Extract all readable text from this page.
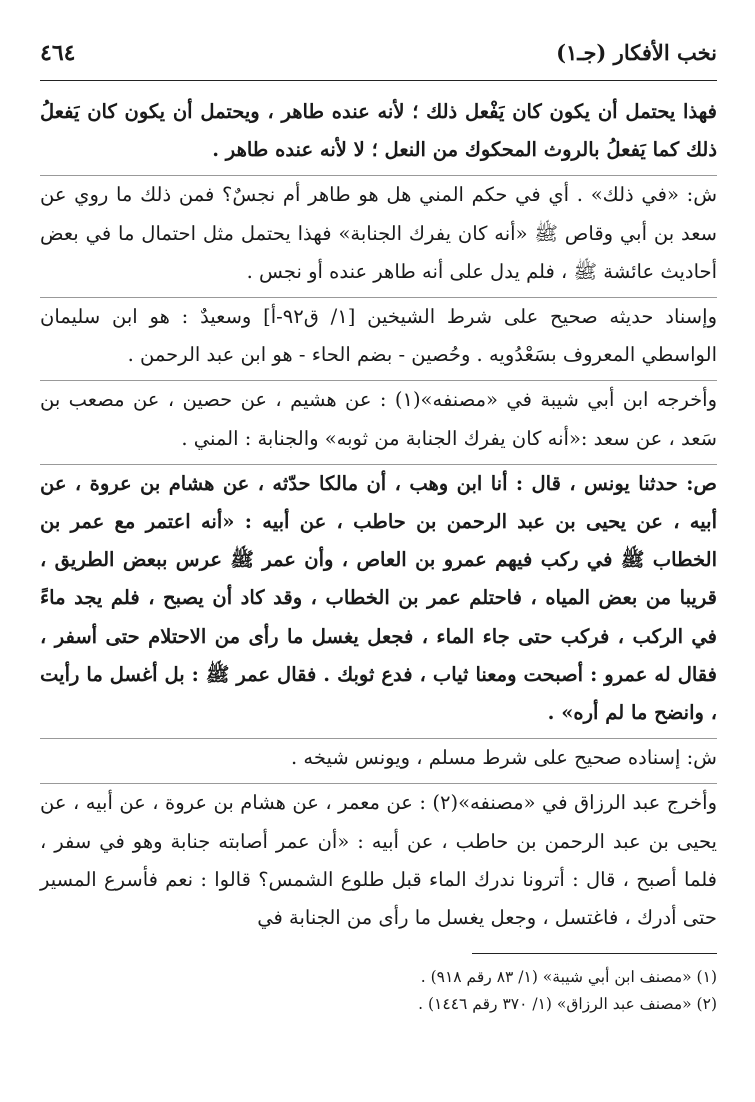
نخب الأفكار (جـ١)
٤٦٤

فهذا يحتمل أن يكون كان يَفْعل ذلك ؛ لأنه عنده طاهر ، ويحتمل أن يكون كان يَفعلُ ذلك كما يَفعلُ بالروث المحكوك من النعل ؛ لا لأنه عنده طاهر .

ش: «في ذلك» . أي في حكم المني هل هو طاهر أم نجسٌ؟ فمن ذلك ما روي عن سعد بن أبي وقاص ﷺ «أنه كان يفرك الجنابة» فهذا يحتمل مثل احتمال ما في بعض أحاديث عائشة ﷺ ، فلم يدل على أنه طاهر عنده أو نجس .

وإسناد حديثه صحيح على شرط الشيخين [١/ ق٩٢-أ] وسعيدٌ : هو ابن سليمان الواسطي المعروف بسَعْدُويه . وحُصين - بضم الحاء - هو ابن عبد الرحمن .

وأخرجه ابن أبي شيبة في «مصنفه»(١) : عن هشيم ، عن حصين ، عن مصعب بن سَعد ، عن سعد :«أنه كان يفرك الجنابة من ثوبه» والجنابة : المني .

ص: حدثنا يونس ، قال : أنا ابن وهب ، أن مالكا حدّثه ، عن هشام بن عروة ، عن أبيه ، عن يحيى بن عبد الرحمن بن حاطب ، عن أبيه : «أنه اعتمر مع عمر بن الخطاب ﷺ في ركب فيهم عمرو بن العاص ، وأن عمر ﷺ عرس ببعض الطريق ، قريبا من بعض المياه ، فاحتلم عمر بن الخطاب ، وقد كاد أن يصبح ، فلم يجد ماءً في الركب ، فركب حتى جاء الماء ، فجعل يغسل ما رأى من الاحتلام حتى أسفر ، فقال له عمرو : أصبحت ومعنا ثياب ، فدع ثوبك . فقال عمر ﷺ : بل أغسل ما رأيت ، وانضح ما لم أره» .

ش: إسناده صحيح على شرط مسلم ، ويونس شيخه .

وأخرج عبد الرزاق في «مصنفه»(٢) : عن معمر ، عن هشام بن عروة ، عن أبيه ، عن يحيى بن عبد الرحمن بن حاطب ، عن أبيه : «أن عمر أصابته جنابة وهو في سفر ، فلما أصبح ، قال : أترونا ندرك الماء قبل طلوع الشمس؟ قالوا : نعم فأسرع المسير حتى أدرك ، فاغتسل ، وجعل يغسل ما رأى من الجنابة في

(١) «مصنف ابن أبي شيبة» (١/ ٨٣ رقم ٩١٨) .

(٢) «مصنف عبد الرزاق» (١/ ٣٧٠ رقم ١٤٤٦) .
